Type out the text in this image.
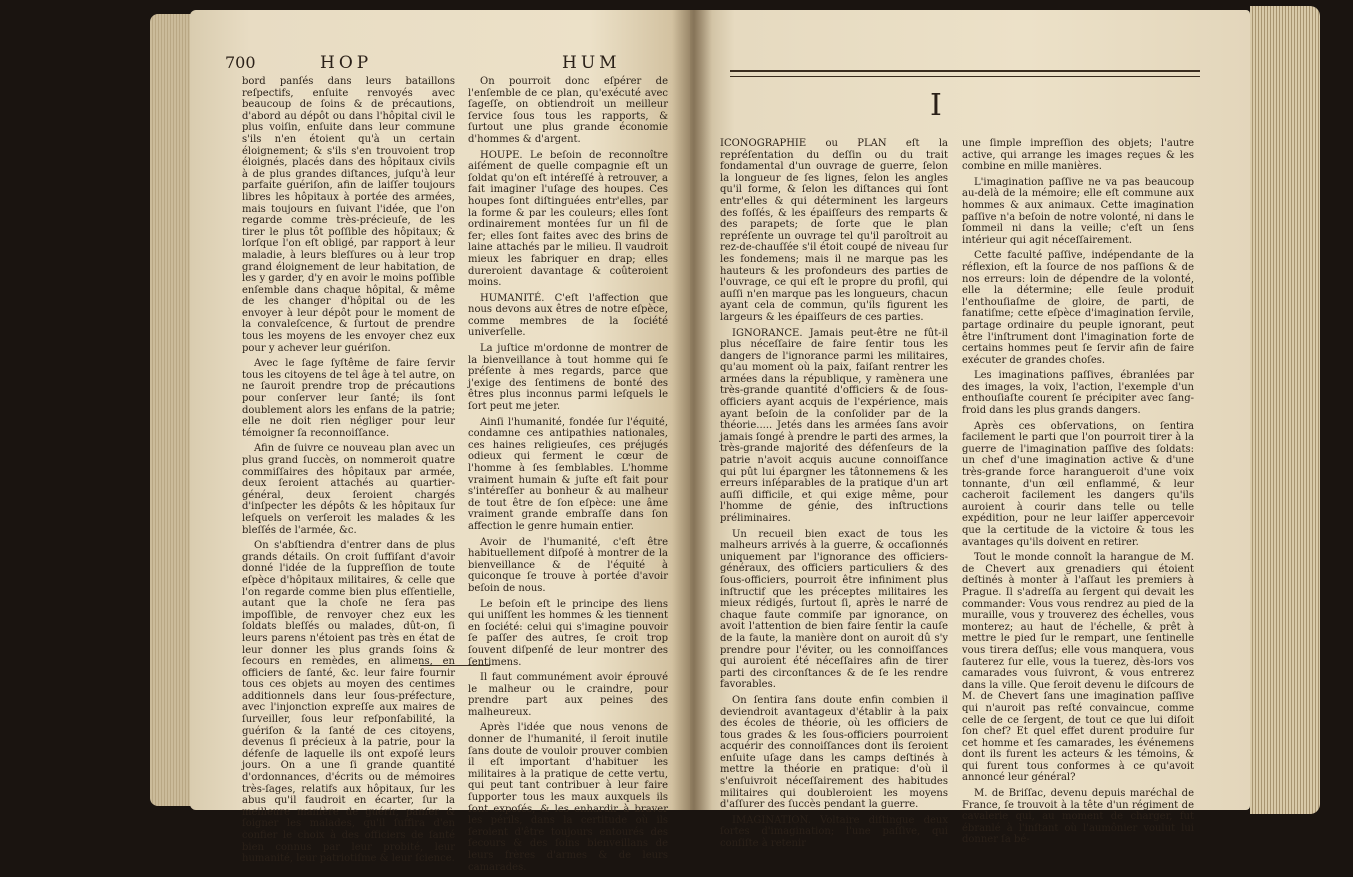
700	HOP	HUM

bord panſés dans leurs bataillons reſpectifs, enſuite renvoyés avec beaucoup de ſoins & de précautions, d'abord au dépôt ou dans l'hôpital civil le plus voiſin, enſuite dans leur commune s'ils n'en étoient qu'à un certain éloignement; & s'ils s'en trouvoient trop éloignés, placés dans des hôpitaux civils à de plus grandes diſtances, juſqu'à leur parfaite guériſon, afin de laiſſer toujours libres les hôpitaux à portée des armées, mais toujours en ſuivant l'idée, que l'on regarde comme très-précieuſe, de les tirer le plus tôt poſſible des hôpitaux; & lorſque l'on eſt obligé, par rapport à leur maladie, à leurs bleſſures ou à leur trop grand éloignement de leur habitation, de les y garder, d'y en avoir le moins poſſible enſemble dans chaque hôpital, & même de les changer d'hôpital ou de les envoyer à leur dépôt pour le moment de la convaleſcence, & ſurtout de prendre tous les moyens de les envoyer chez eux pour y achever leur guériſon.

Avec le ſage ſyſtême de faire ſervir tous les citoyens de tel âge à tel autre, on ne ſauroit prendre trop de précautions pour conſerver leur ſanté; ils ſont doublement alors les enfans de la patrie; elle ne doit rien négliger pour leur témoigner ſa reconnoiſſance.

Afin de ſuivre ce nouveau plan avec un plus grand ſuccès, on nommeroit quatre commiſſaires des hôpitaux par armée, deux ſeroient attachés au quartier-général, deux ſeroient chargés d'inſpecter les dépôts & les hôpitaux ſur leſquels on verſeroit les malades & les bleſſés de l'armée, &c.

On s'abſtiendra d'entrer dans de plus grands détails. On croit ſuffiſant d'avoir donné l'idée de la ſuppreſſion de toute eſpèce d'hôpitaux militaires, & celle que l'on regarde comme bien plus eſſentielle, autant que la choſe ne ſera pas impoſſible, de renvoyer chez eux les ſoldats bleſſés ou malades, dût-on, ſi leurs parens n'étoient pas très en état de leur donner les plus grands ſoins & ſecours en remèdes, en alimens, en officiers de ſanté, &c. leur faire fournir tous ces objets au moyen des centimes additionnels dans leur ſous-préfecture, avec l'injonction expreſſe aux maires de ſurveiller, ſous leur reſponſabilité, la guériſon & la ſanté de ces citoyens, devenus ſi précieux à la patrie, pour la défenſe de laquelle ils ont expoſé leurs jours. On a une ſi grande quantité d'ordonnances, d'écrits ou de mémoires très-ſages, relatifs aux hôpitaux, ſur les abus qu'il faudroit en écarter, ſur la meilleure manière de guérir, panſer & ſoigner les malades, qu'il ſuffira d'en confier le choix à des officiers de ſanté bien connus par leur probité, leur humanité, leur patriotiſme & leur ſcience.

On pourroit donc eſpérer de l'enſemble de ce plan, qu'exécuté avec ſageſſe, on obtiendroit un meilleur ſervice ſous tous les rapports, & ſurtout une plus grande économie d'hommes & d'argent.

HOUPE. Le beſoin de reconnoître aiſément de quelle compagnie eſt un ſoldat qu'on eſt intéreſſé à retrouver, a fait imaginer l'uſage des houpes. Ces houpes ſont diſtinguées entr'elles, par la forme & par les couleurs; elles ſont ordinairement montées ſur un fil de fer; elles ſont faites avec des brins de laine attachés par le milieu. Il vaudroit mieux les fabriquer en drap; elles dureroient davantage & coûteroient moins.

HUMANITÉ. C'eſt l'affection que nous devons aux êtres de notre eſpèce, comme membres de la ſociété univerſelle.

La juſtice m'ordonne de montrer de la bienveillance à tout homme qui ſe préſente à mes regards, parce que j'exige des ſentimens de bonté des êtres plus inconnus parmi leſquels le ſort peut me jeter.

Ainſi l'humanité, fondée ſur l'équité, condamne ces antipathies nationales, ces haines religieuſes, ces préjugés odieux qui ferment le cœur de l'homme à ſes ſemblables. L'homme vraiment humain & juſte eſt fait pour s'intéreſſer au bonheur & au malheur de tout être de ſon eſpèce: une âme vraiment grande embraſſe dans ſon affection le genre humain entier.

Avoir de l'humanité, c'eſt être habituellement diſpoſé à montrer de la bienveillance & de l'équité à quiconque ſe trouve à portée d'avoir beſoin de nous.

Le beſoin eſt le principe des liens qui uniſſent les hommes & les tiennent en ſociété: celui qui s'imagine pouvoir ſe paſſer des autres, ſe croit trop ſouvent diſpenſé de leur montrer des ſentimens.

Il faut communément avoir éprouvé le malheur ou le craindre, pour prendre part aux peines des malheureux.

Après l'idée que nous venons de donner de l'humanité, il ſeroit inutile ſans doute de vouloir prouver combien il eſt important d'habituer les militaires à la pratique de cette vertu, qui peut tant contribuer à leur faire ſupporter tous les maux auxquels ils ſont expoſés, & les enhardir à braver les périls, dans la certitude où ils ſeroient d'être toujours entourés des ſecours & des ſoins bienveillans de leurs frères d'armes & de leurs camarades.

I

ICONOGRAPHIE ou PLAN eſt la repréſentation du deſſin ou du trait fondamental d'un ouvrage de guerre, ſelon la longueur de ſes lignes, ſelon les angles qu'il forme, & ſelon les diſtances qui ſont entr'elles & qui déterminent les largeurs des foſſés, & les épaiſſeurs des remparts & des parapets; de ſorte que le plan repréſente un ouvrage tel qu'il paroîtroit au rez-de-chauſſée s'il étoit coupé de niveau ſur les fondemens; mais il ne marque pas les hauteurs & les profondeurs des parties de l'ouvrage, ce qui eſt le propre du profil, qui auſſi n'en marque pas les longueurs, chacun ayant cela de commun, qu'ils figurent les largeurs & les épaiſſeurs de ces parties.

IGNORANCE. Jamais peut-être ne fût-il plus néceſſaire de faire ſentir tous les dangers de l'ignorance parmi les militaires, qu'au moment où la paix, faiſant rentrer les armées dans la république, y ramènera une très-grande quantité d'officiers & de ſous-officiers ayant acquis de l'expérience, mais ayant beſoin de la conſolider par de la théorie..... Jetés dans les armées ſans avoir jamais ſongé à prendre le parti des armes, la très-grande majorité des défenſeurs de la patrie n'avoit acquis aucune connoiſſance qui pût lui épargner les tâtonnemens & les erreurs inſéparables de la pratique d'un art auſſi difficile, et qui exige même, pour l'homme de génie, des inſtructions préliminaires.

Un recueil bien exact de tous les malheurs arrivés à la guerre, & occaſionnés uniquement par l'ignorance des officiers-généraux, des officiers particuliers & des ſous-officiers, pourroit être infiniment plus inſtructif que les préceptes militaires les mieux rédigés, ſurtout ſi, après le narré de chaque faute commiſe par ignorance, on avoit l'attention de bien faire ſentir la cauſe de la faute, la manière dont on auroit dû s'y prendre pour l'éviter, ou les connoiſſances qui auroient été néceſſaires afin de tirer parti des circonſtances & de ſe les rendre favorables.

On ſentira ſans doute enfin combien il deviendroit avantageux d'établir à la paix des écoles de théorie, où les officiers de tous grades & les ſous-officiers pourroient acquérir des connoiſſances dont ils ſeroient enſuite uſage dans les camps deſtinés à mettre la théorie en pratique: d'où il s'enſuivroit néceſſairement des habitudes militaires qui doubleroient les moyens d'aſſurer des ſuccès pendant la guerre.

IMAGINATION. Voltaire diſtingue deux ſortes d'imagination; l'une paſſive, qui conſiſte à retenir

une ſimple impreſſion des objets; l'autre active, qui arrange les images reçues & les combine en mille manières.

L'imagination paſſive ne va pas beaucoup au-delà de la mémoire; elle eſt commune aux hommes & aux animaux. Cette imagination paſſive n'a beſoin de notre volonté, ni dans le ſommeil ni dans la veille; c'eſt un ſens intérieur qui agit néceſſairement.

Cette faculté paſſive, indépendante de la réflexion, eſt la ſource de nos paſſions & de nos erreurs: loin de dépendre de la volonté, elle la détermine; elle ſeule produit l'enthouſiaſme de gloire, de parti, de fanatiſme; cette eſpèce d'imagination ſervile, partage ordinaire du peuple ignorant, peut être l'inſtrument dont l'imagination forte de certains hommes peut ſe ſervir afin de faire exécuter de grandes choſes.

Les imaginations paſſives, ébranlées par des images, la voix, l'action, l'exemple d'un enthouſiaſte courent ſe précipiter avec ſang-froid dans les plus grands dangers.

Après ces obſervations, on ſentira facilement le parti que l'on pourroit tirer à la guerre de l'imagination paſſive des ſoldats: un chef d'une imagination active & d'une très-grande force harangueroit d'une voix tonnante, d'un œil enflammé, & leur cacheroit facilement les dangers qu'ils auroient à courir dans telle ou telle expédition, pour ne leur laiſſer appercevoir que la certitude de la victoire & tous les avantages qu'ils doivent en retirer.

Tout le monde connoît la harangue de M. de Chevert aux grenadiers qui étoient deſtinés à monter à l'aſſaut les premiers à Prague. Il s'adreſſa au ſergent qui devait les commander: Vous vous rendrez au pied de la muraille, vous y trouverez des échelles, vous monterez; au haut de l'échelle, & prêt à mettre le pied ſur le rempart, une ſentinelle vous tirera deſſus; elle vous manquera, vous ſauterez ſur elle, vous la tuerez, dès-lors vos camarades vous ſuivront, & vous entrerez dans la ville. Que ſeroit devenu le diſcours de M. de Chevert ſans une imagination paſſive qui n'auroit pas reſté convaincue, comme celle de ce ſergent, de tout ce que lui diſoit ſon chef? Et quel effet durent produire ſur cet homme et ſes camarades, les événemens dont ils furent les acteurs & les témoins, & qui furent tous conformes à ce qu'avoit annoncé leur général?

M. de Briſſac, devenu depuis maréchal de France, ſe trouvoit à la tête d'un régiment de cavalerie qui, au moment de charger, fut ébranlé à l'inſtant où l'aumônier voulut lui donner ſa bé-
